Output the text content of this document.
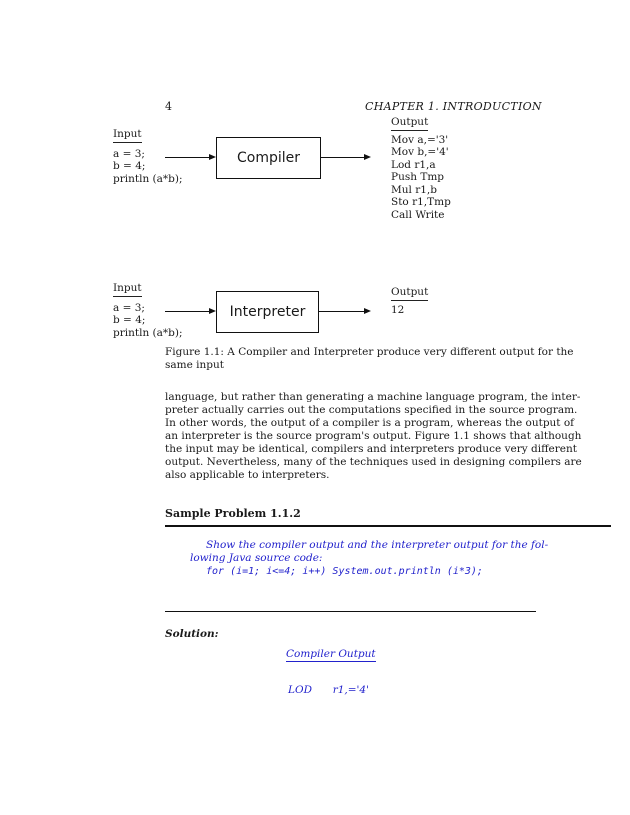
4	CHAPTER 1. INTRODUCTION
Input
a = 3;
b = 4;
println (a*b);
Compiler
Output
Mov a,='3'
Mov b,='4'
Lod r1,a
Push Tmp
Mul r1,b
Sto r1,Tmp
Call Write
Input
a = 3;
b = 4;
println (a*b);
Interpreter
Output
12
Figure 1.1: A Compiler and Interpreter produce very different output for the
same input
language, but rather than generating a machine language program, the inter-
preter actually carries out the computations specified in the source program.
In other words, the output of a compiler is a program, whereas the output of
an interpreter is the source program's output. Figure 1.1 shows that although
the input may be identical, compilers and interpreters produce very different
output. Nevertheless, many of the techniques used in designing compilers are
also applicable to interpreters.
Sample Problem 1.1.2
Show the compiler output and the interpreter output for the fol-
lowing Java source code:
for (i=1; i<=4; i++) System.out.println (i*3);
Solution:
Compiler Output
LOD r1,='4'
